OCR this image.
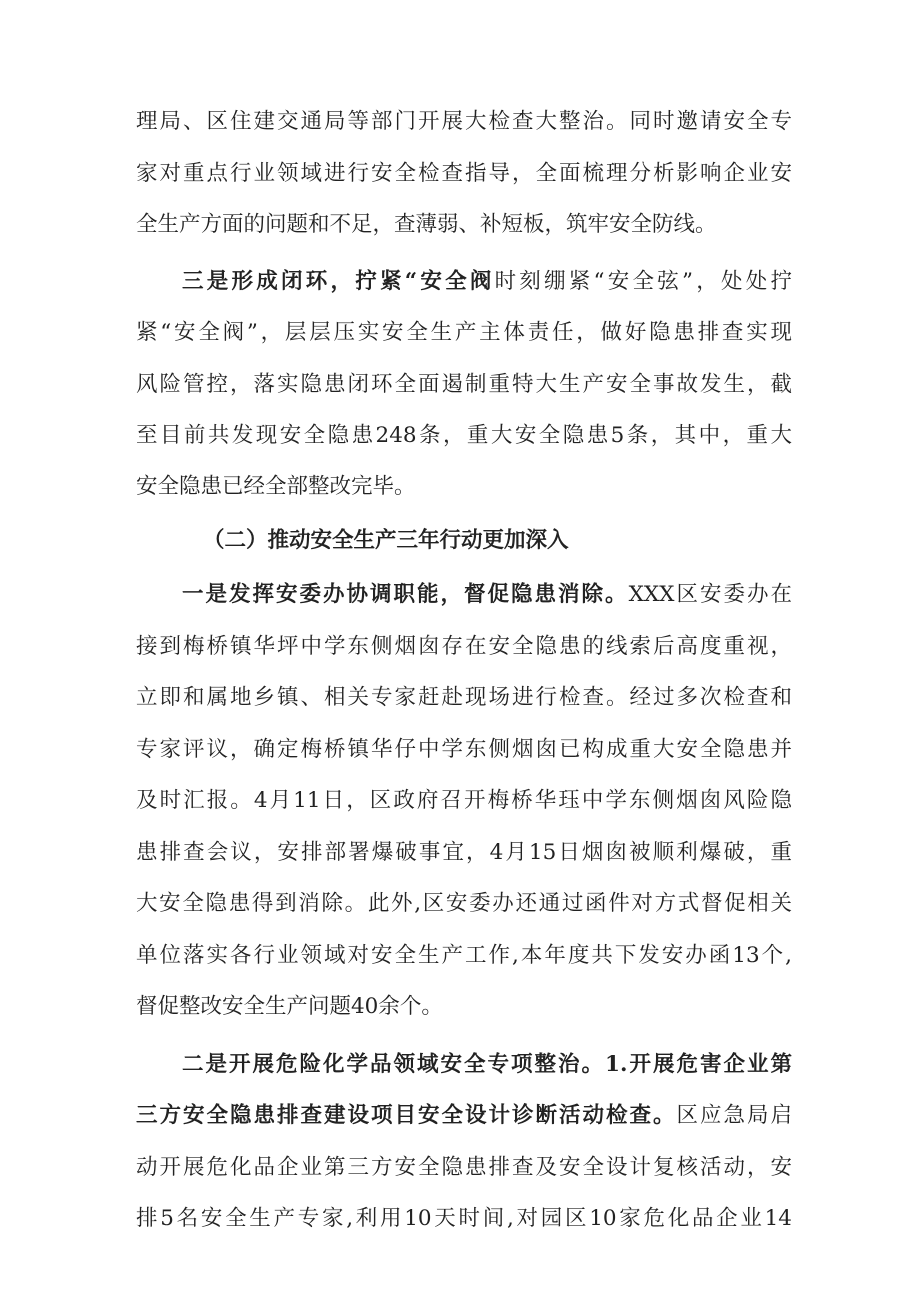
理局、区住建交通局等部门开展大检查大整治。同时邀请安全专
家对重点行业领域进行安全检查指导，全面梳理分析影响企业安
全生产方面的问题和不足，查薄弱、补短板，筑牢安全防线。
三是形成闭环，拧紧“安全阀时刻绷紧“安全弦”，处处拧
紧“安全阀”，层层压实安全生产主体责任，做好隐患排查实现
风险管控，落实隐患闭环全面遏制重特大生产安全事故发生，截
至目前共发现安全隐患248条，重大安全隐患5条，其中，重大
安全隐患已经全部整改完毕。
（二）推动安全生产三年行动更加深入
一是发挥安委办协调职能，督促隐患消除。XXX区安委办在
接到梅桥镇华坪中学东侧烟囱存在安全隐患的线索后高度重视，
立即和属地乡镇、相关专家赶赴现场进行检查。经过多次检查和
专家评议，确定梅桥镇华仔中学东侧烟囱已构成重大安全隐患并
及时汇报。4月11日，区政府召开梅桥华珏中学东侧烟囱风险隐
患排查会议，安排部署爆破事宜，4月15日烟囱被顺利爆破，重
大安全隐患得到消除。此外,区安委办还通过函件对方式督促相关
单位落实各行业领域对安全生产工作,本年度共下发安办函13个,
督促整改安全生产问题40余个。
二是开展危险化学品领域安全专项整治。1.开展危害企业第
三方安全隐患排查建设项目安全设计诊断活动检查。区应急局启
动开展危化品企业第三方安全隐患排查及安全设计复核活动，安
排5名安全生产专家,利用10天时间,对园区10家危化品企业14
